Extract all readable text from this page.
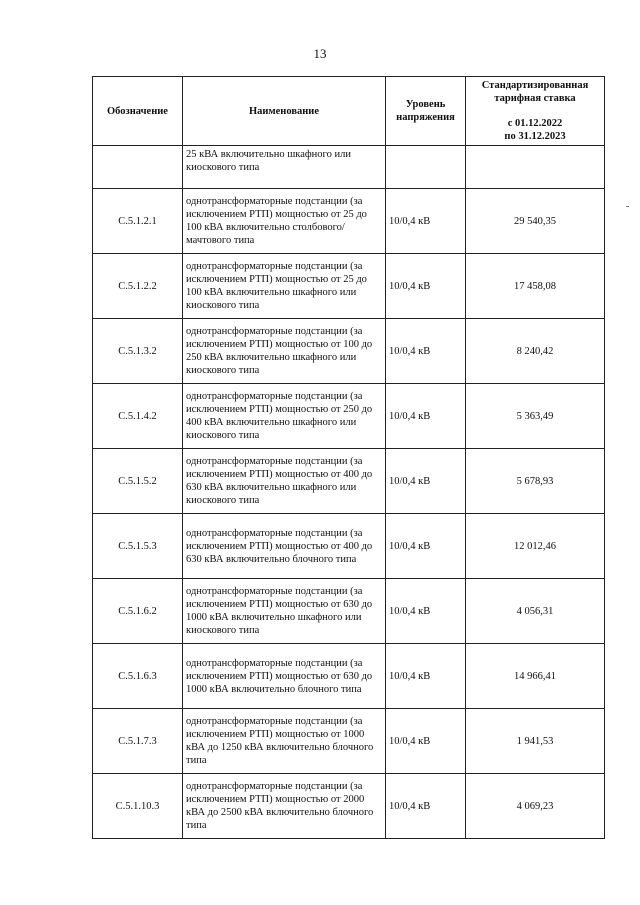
13
Обозначение	Наименование	Уровень напряжения	Стандартизированная тарифная ставка
с 01.12.2022
по 31.12.2023

	25 кВА включительно шкафного или киоскового типа		
С.5.1.2.1	однотрансформаторные подстанции (за исключением РТП) мощностью от 25 до 100 кВА включительно столбового/мачтового типа	10/0,4 кВ	29 540,35
С.5.1.2.2	однотрансформаторные подстанции (за исключением РТП) мощностью от 25 до 100 кВА включительно шкафного или киоскового типа	10/0,4 кВ	17 458,08
С.5.1.3.2	однотрансформаторные подстанции (за исключением РТП) мощностью от 100 до 250 кВА включительно шкафного или киоскового типа	10/0,4 кВ	8 240,42
С.5.1.4.2	однотрансформаторные подстанции (за исключением РТП) мощностью от 250 до 400 кВА включительно шкафного или киоскового типа	10/0,4 кВ	5 363,49
С.5.1.5.2	однотрансформаторные подстанции (за исключением РТП) мощностью от 400 до 630 кВА включительно шкафного или киоскового типа	10/0,4 кВ	5 678,93
С.5.1.5.3	однотрансформаторные подстанции (за исключением РТП) мощностью от 400 до 630 кВА включительно блочного типа	10/0,4 кВ	12 012,46
С.5.1.6.2	однотрансформаторные подстанции (за исключением РТП) мощностью от 630 до 1000 кВА включительно шкафного или киоскового типа	10/0,4 кВ	4 056,31
С.5.1.6.3	однотрансформаторные подстанции (за исключением РТП) мощностью от 630 до 1000 кВА включительно блочного типа	10/0,4 кВ	14 966,41
С.5.1.7.3	однотрансформаторные подстанции (за исключением РТП) мощностью от 1000 кВА до 1250 кВА включительно блочного типа	10/0,4 кВ	1 941,53
С.5.1.10.3	однотрансформаторные подстанции (за исключением РТП) мощностью от 2000 кВА до 2500 кВА включительно блочного типа	10/0,4 кВ	4 069,23
